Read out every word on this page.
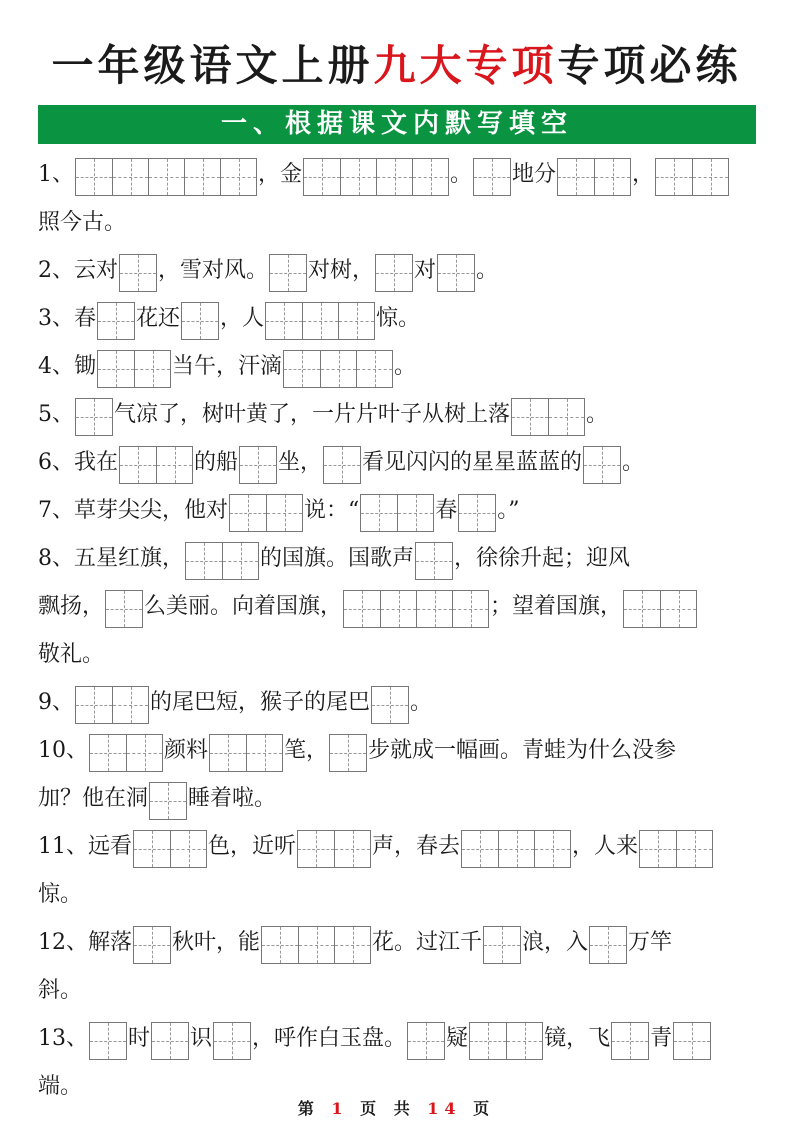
一年级语文上册九大专项专项必练
一、根据课文内默写填空
1、	，金	。 地分	，
照今古。
2、云对 ，雪对风。 对树， 对 。
3、春 花还 ，人	惊。
4、锄	当午，汗滴	。
5、 气凉了，树叶黄了，一片片叶子从树上落	。
6、我在	的船 坐， 看见闪闪的星星蓝蓝的 。
7、草芽尖尖，他对	说：“	春 。”
8、五星红旗，	的国旗。国歌声 ，徐徐升起；迎风
飘扬， 么美丽。向着国旗，	；望着国旗，
敬礼。
9、	的尾巴短，猴子的尾巴 。
10、	颜料	笔， 步就成一幅画。青蛙为什么没参
加？他在洞 睡着啦。
11、远看	色，近听	声，春去	，人来
惊。
12、解落 秋叶，能	花。过江千 浪，入 万竿
斜。
13、 时 识 ，呼作白玉盘。 疑	镜，飞 青
端。
第 1 页 共 14 页
